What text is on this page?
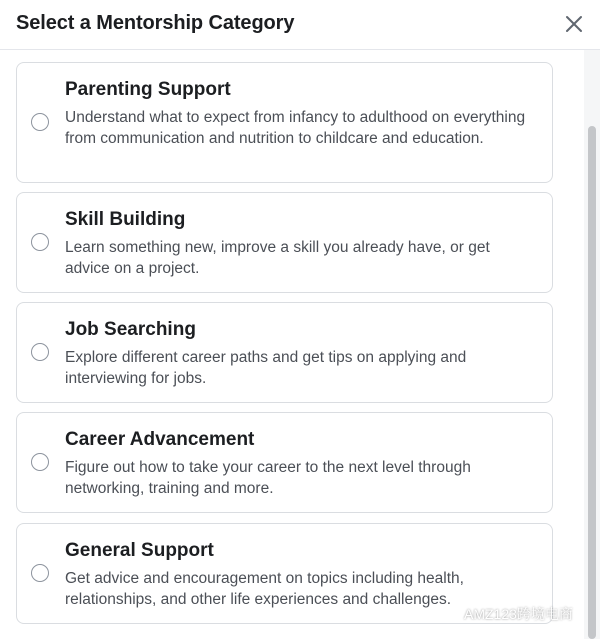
Select a Mentorship Category
Parenting Support
Understand what to expect from infancy to adulthood on everything from communication and nutrition to childcare and education.
Skill Building
Learn something new, improve a skill you already have, or get advice on a project.
Job Searching
Explore different career paths and get tips on applying and interviewing for jobs.
Career Advancement
Figure out how to take your career to the next level through networking, training and more.
General Support
Get advice and encouragement on topics including health, relationships, and other life experiences and challenges.
AMZ123跨境电商
